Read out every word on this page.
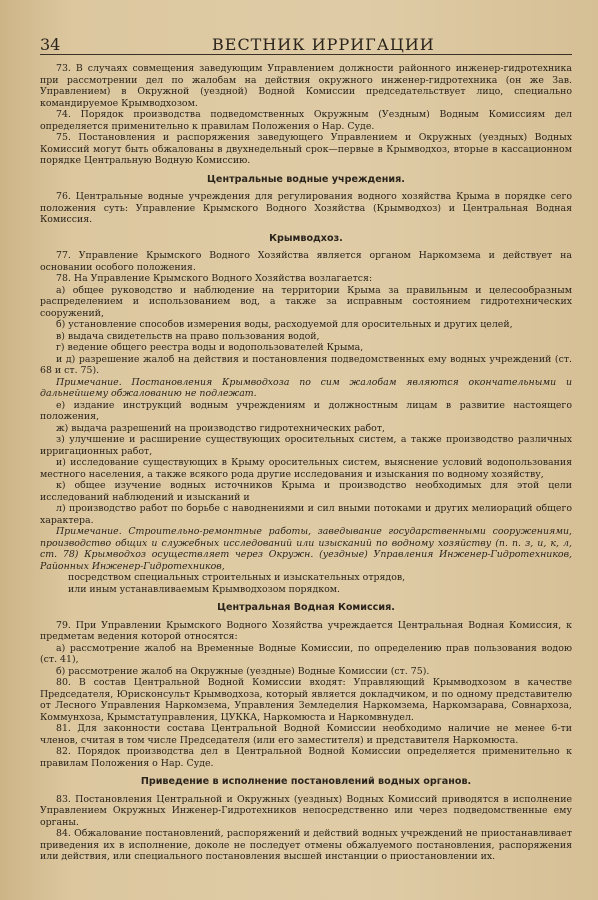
34	ВЕСТНИК ИРРИГАЦИИ

73. В случаях совмещения заведующим Управлением должности районного инженер-гидротехника при рассмотрении дел по жалобам на действия окружного инженер-гидротехника (он же Зав. Управлением) в Окружной (уездной) Водной Комиссии председательствует лицо, специально командируемое Крымводхозом.

74. Порядок производства подведомственных Окружным (Уездным) Водным Комиссиям дел определяется применительно к правилам Положения о Нар. Суде.

75. Постановления и распоряжения заведующего Управлением и Окружных (уездных) Водных Комиссий могут быть обжалованы в двухнедельный срок—первые в Крымводхоз, вторые в кассационном порядке Центральную Водную Комиссию.

Центральные водные учреждения.

76. Центральные водные учреждения для регулирования водного хозяйства Крыма в порядке сего положения суть: Управление Крымского Водного Хозяйства (Крымводхоз) и Центральная Водная Комиссия.

Крымводхоз.

77. Управление Крымского Водного Хозяйства является органом Наркомзема и действует на основании особого положения.

78. На Управление Крымского Водного Хозяйства возлагается:

а) общее руководство и наблюдение на территории Крыма за правильным и целесообразным распределением и использованием вод, а также за исправным состоянием гидротехнических сооружений,

б) установление способов измерения воды, расходуемой для оросительных и других целей,

в) выдача свидетельств на право пользования водой,

г) ведение общего реестра воды и водопользователей Крыма,

и д) разрешение жалоб на действия и постановления подведомственных ему водных учреждений (ст. 68 и ст. 75).

Примечание. Постановления Крымводхоза по сим жалобам являются окончательными и дальнейшему обжалованию не подлежат.

е) издание инструкций водным учреждениям и должностным лицам в развитие настоящего положения,

ж) выдача разрешений на производство гидротехнических работ,

з) улучшение и расширение существующих оросительных систем, а также производство различных ирригационных работ,

и) исследование существующих в Крыму оросительных систем, выяснение условий водопользования местного населения, а также всякого рода другие исследования и изыскания по водному хозяйству,

к) общее изучение водных источников Крыма и производство необходимых для этой цели исследований наблюдений и изысканий и

л) производство работ по борьбе с наводнениями и сил вными потоками и других мелиораций общего характера.

Примечание. Строительно-ремонтные работы, заведывание государственными сооружениями, производство общих и служебных исследований или изысканий по водному хозяйству (п. п. з, и, к, л, ст. 78) Крымводхоз осуществляет через Окружн. (уездные) Управления Инженер-Гидротехников, Районных Инженер-Гидротехников,

посредством специальных строительных и изыскательных отрядов,

или иным устанавливаемым Крымводхозом порядком.

Центральная Водная Комиссия.

79. При Управлении Крымского Водного Хозяйства учреждается Центральная Водная Комиссия, к предметам ведения которой относятся:

а) рассмотрение жалоб на Временные Водные Комиссии, по определению прав пользования водою (ст. 41),

б) рассмотрение жалоб на Окружные (уездные) Водные Комиссии (ст. 75).

80. В состав Центральной Водной Комиссии входят: Управляющий Крымводхозом в качестве Председателя, Юрисконсульт Крымводхоза, который является докладчиком, и по одному представителю от Лесного Управления Наркомзема, Управления Земледелия Наркомзема, Наркомзарава, Совнархоза, Коммунхоза, Крымстатуправления, ЦУККА, Наркомюста и Наркомвнудел.

81. Для законности состава Центральной Водной Комиссии необходимо наличие не менее 6-ти членов, считая в том числе Председателя (или его заместителя) и представителя Наркомюста.

82. Порядок производства дел в Центральной Водной Комиссии определяется применительно к правилам Положения о Нар. Суде.

Приведение в исполнение постановлений водных органов.

83. Постановления Центральной и Окружных (уездных) Водных Комиссий приводятся в исполнение Управлением Окружных Инженер-Гидротехников непосредственно или через подведомственные ему органы.

84. Обжалование постановлений, распоряжений и действий водных учреждений не приостанавливает приведения их в исполнение, доколе не последует отмены обжалуемого постановления, распоряжения или действия, или специального постановления высшей инстанции о приостановлении их.
